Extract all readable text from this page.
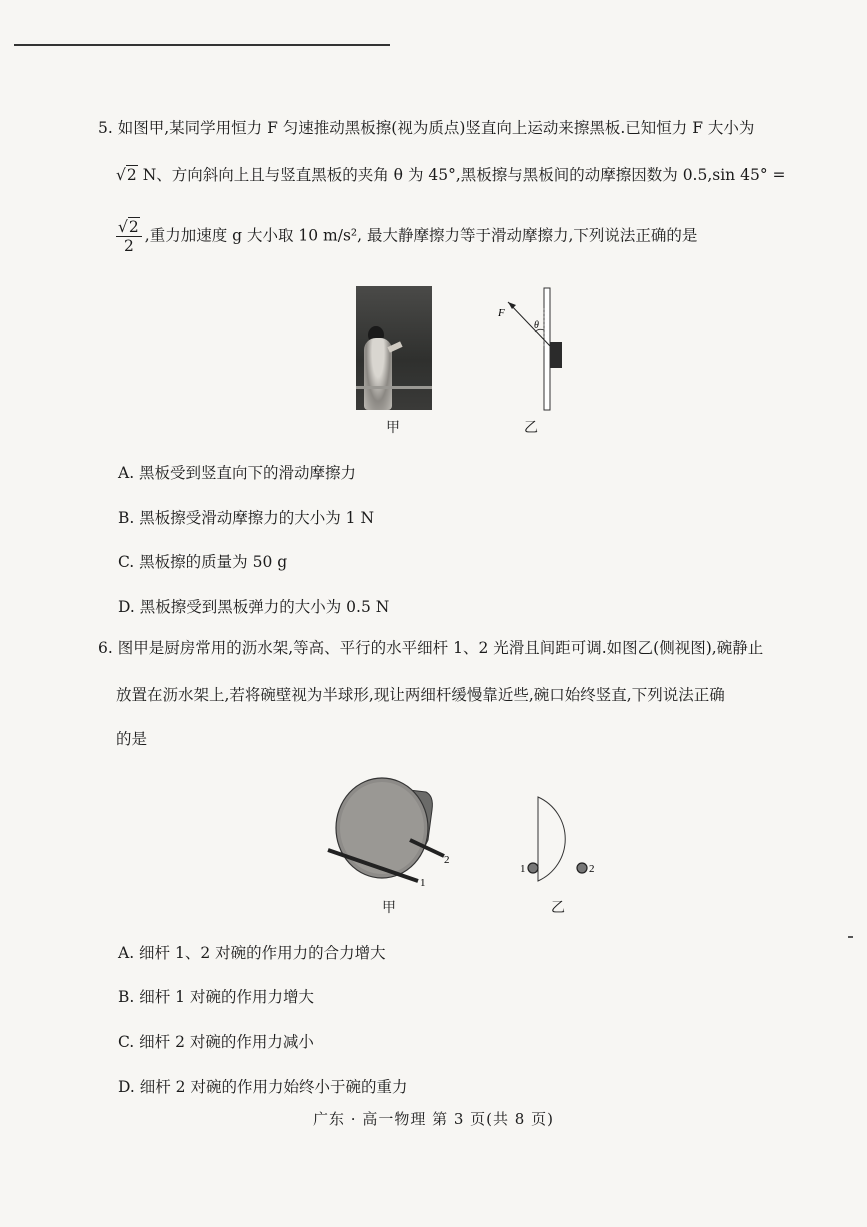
5. 如图甲,某同学用恒力 F 匀速推动黑板擦(视为质点)竖直向上运动来擦黑板.已知恒力 F 大小为
√2 N、方向斜向上且与竖直黑板的夹角 θ 为 45°,黑板擦与黑板间的动摩擦因数为 0.5,sin 45° =
$\frac{√2}{2}$ ,重力加速度 g 大小取 10 m/s², 最大静摩擦力等于滑动摩擦力,下列说法正确的是
甲
F
θ
乙
A. 黑板受到竖直向下的滑动摩擦力
B. 黑板擦受滑动摩擦力的大小为 1 N
C. 黑板擦的质量为 50 g
D. 黑板擦受到黑板弹力的大小为 0.5 N
6. 图甲是厨房常用的沥水架,等高、平行的水平细杆 1、2 光滑且间距可调.如图乙(侧视图),碗静止
放置在沥水架上,若将碗壁视为半球形,现让两细杆缓慢靠近些,碗口始终竖直,下列说法正确
的是
1
2
甲
1	2
乙
A. 细杆 1、2 对碗的作用力的合力增大
B. 细杆 1 对碗的作用力增大
C. 细杆 2 对碗的作用力减小
D. 细杆 2 对碗的作用力始终小于碗的重力
广东 · 高一物理 第 3 页(共 8 页)
